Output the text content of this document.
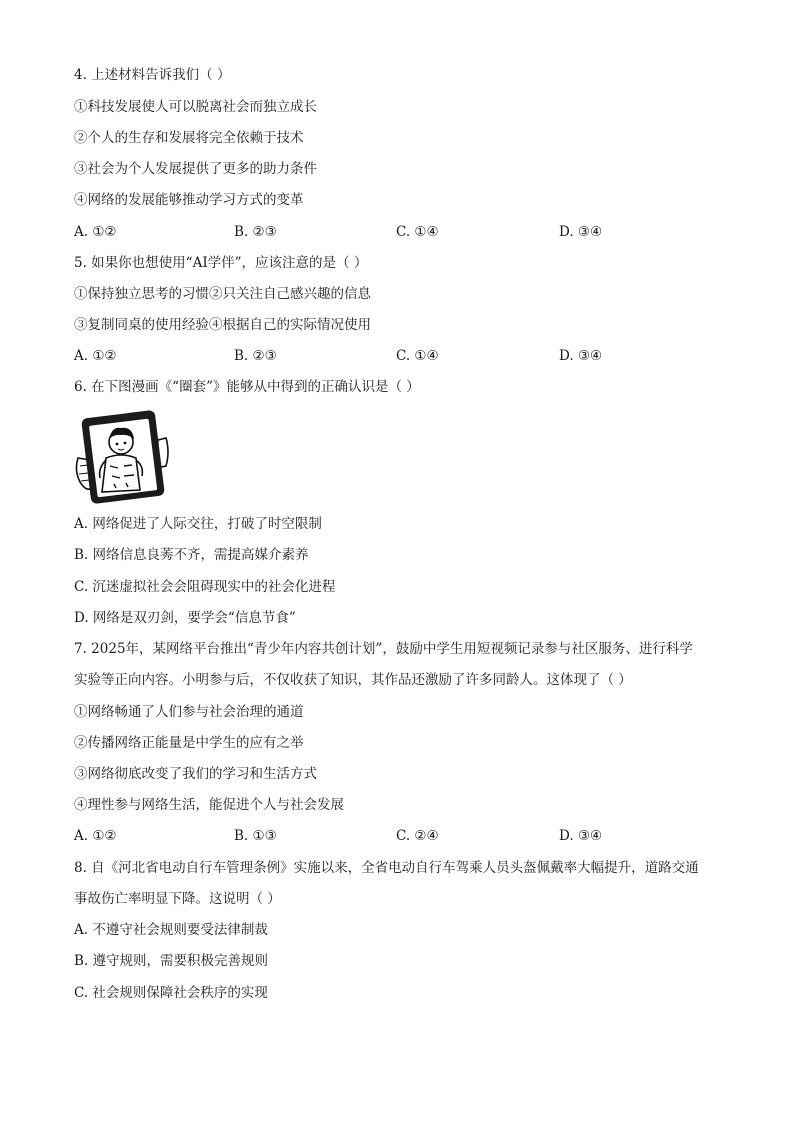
4. 上述材料告诉我们（ ）
①科技发展使人可以脱离社会而独立成长
②个人的生存和发展将完全依赖于技术
③社会为个人发展提供了更多的助力条件
④网络的发展能够推动学习方式的变革
A. ①②	B. ②③	C. ①④	D. ③④
5. 如果你也想使用“AI学伴”，应该注意的是（ ）
①保持独立思考的习惯②只关注自己感兴趣的信息
③复制同桌的使用经验④根据自己的实际情况使用
A. ①②	B. ②③	C. ①④	D. ③④
6. 在下图漫画《“圈套”》能够从中得到的正确认识是（ ）
A. 网络促进了人际交往，打破了时空限制
B. 网络信息良莠不齐，需提高媒介素养
C. 沉迷虚拟社会会阻碍现实中的社会化进程
D. 网络是双刃剑，要学会“信息节食”
7. 2025年，某网络平台推出“青少年内容共创计划”，鼓励中学生用短视频记录参与社区服务、进行科学
实验等正向内容。小明参与后，不仅收获了知识，其作品还激励了许多同龄人。这体现了（ ）
①网络畅通了人们参与社会治理的通道
②传播网络正能量是中学生的应有之举
③网络彻底改变了我们的学习和生活方式
④理性参与网络生活，能促进个人与社会发展
A. ①②	B. ①③	C. ②④	D. ③④
8. 自《河北省电动自行车管理条例》实施以来，全省电动自行车驾乘人员头盔佩戴率大幅提升，道路交通
事故伤亡率明显下降。这说明（ ）
A. 不遵守社会规则要受法律制裁
B. 遵守规则，需要积极完善规则
C. 社会规则保障社会秩序的实现
